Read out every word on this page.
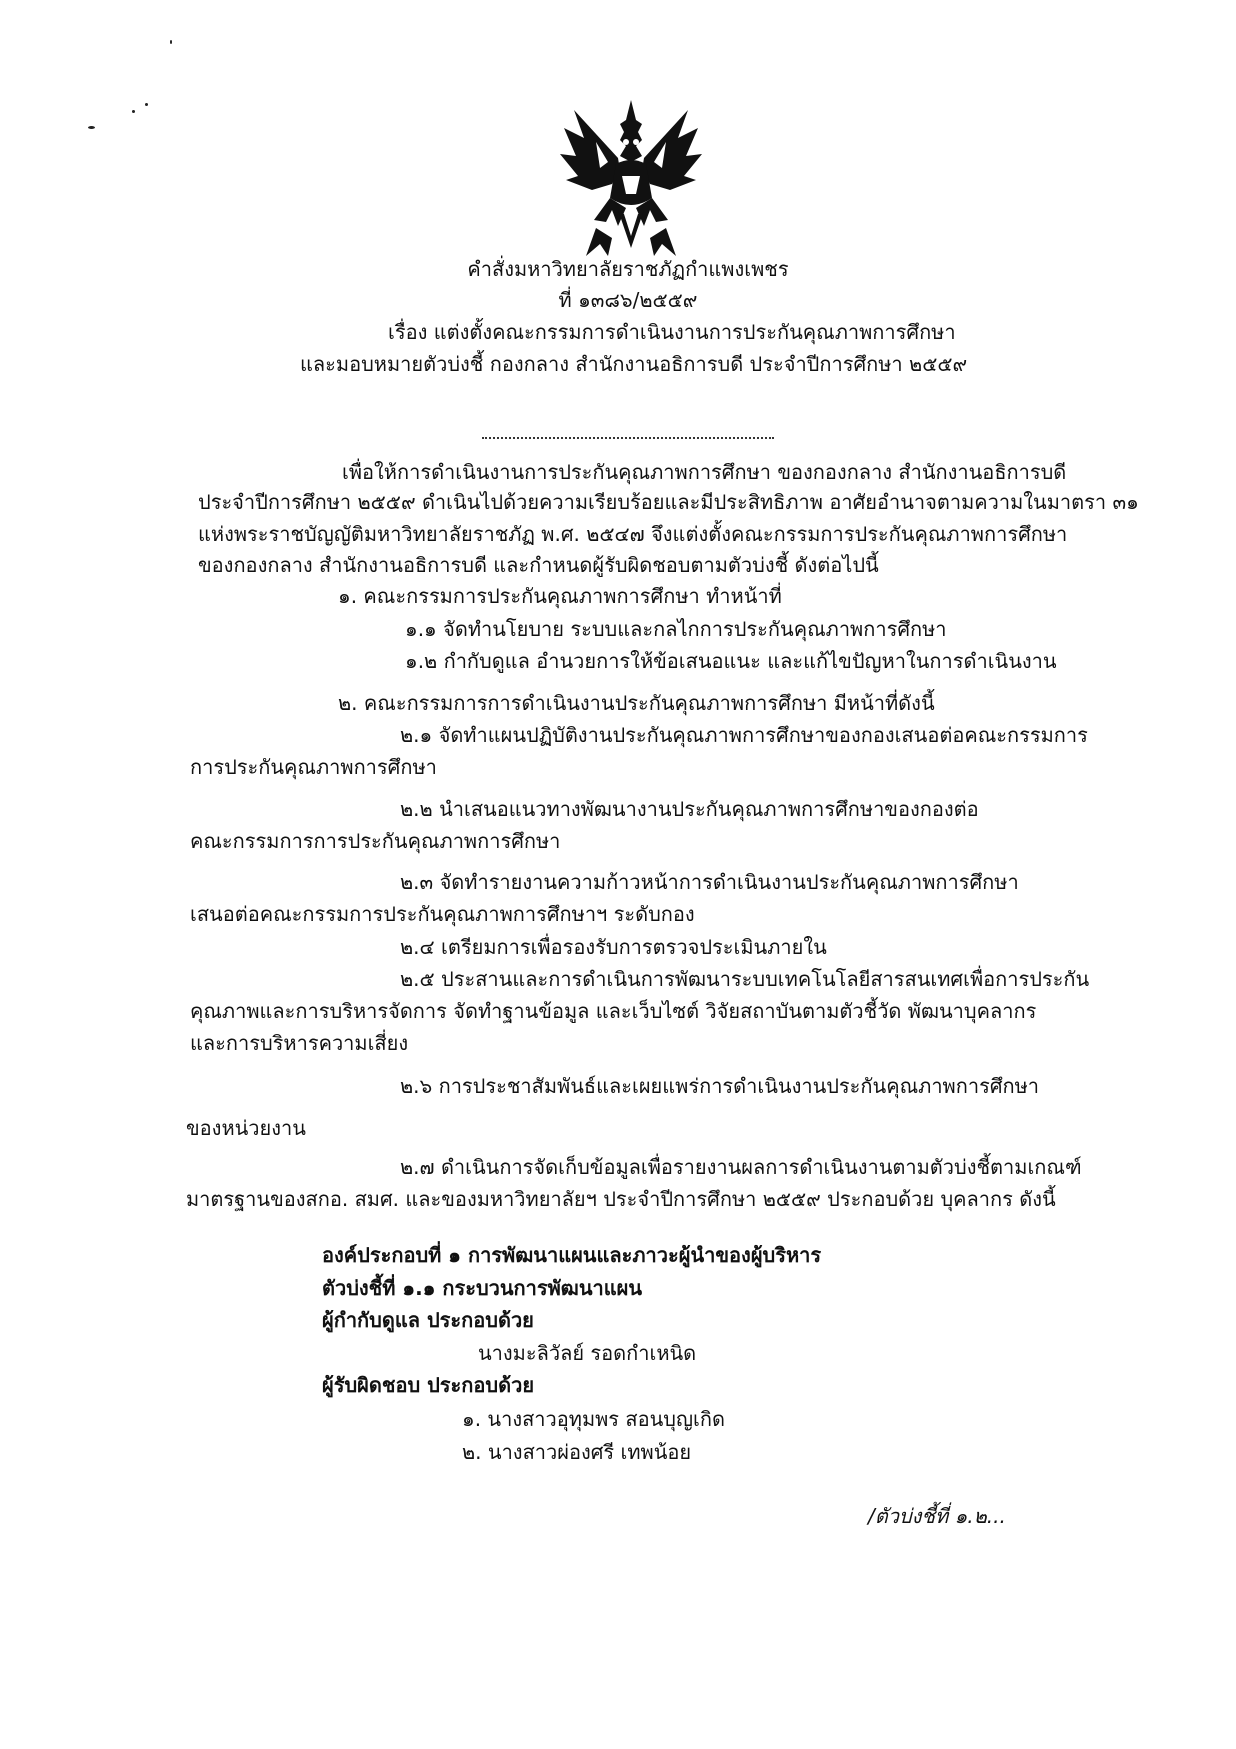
คำสั่งมหาวิทยาลัยราชภัฏกำแพงเพชร
ที่ ๑๓๘๖/๒๕๕๙
เรื่อง แต่งตั้งคณะกรรมการดำเนินงานการประกันคุณภาพการศึกษา
และมอบหมายตัวบ่งชี้ กองกลาง สำนักงานอธิการบดี ประจำปีการศึกษา ๒๕๕๙
เพื่อให้การดำเนินงานการประกันคุณภาพการศึกษา ของกองกลาง สำนักงานอธิการบดี
ประจำปีการศึกษา ๒๕๕๙ ดำเนินไปด้วยความเรียบร้อยและมีประสิทธิภาพ อาศัยอำนาจตามความในมาตรา ๓๑
แห่งพระราชบัญญัติมหาวิทยาลัยราชภัฏ พ.ศ. ๒๕๔๗ จึงแต่งตั้งคณะกรรมการประกันคุณภาพการศึกษา
ของกองกลาง สำนักงานอธิการบดี และกำหนดผู้รับผิดชอบตามตัวบ่งชี้ ดังต่อไปนี้
๑. คณะกรรมการประกันคุณภาพการศึกษา ทำหน้าที่
๑.๑ จัดทำนโยบาย ระบบและกลไกการประกันคุณภาพการศึกษา
๑.๒ กำกับดูแล อำนวยการให้ข้อเสนอแนะ และแก้ไขปัญหาในการดำเนินงาน
๒. คณะกรรมการการดำเนินงานประกันคุณภาพการศึกษา มีหน้าที่ดังนี้
๒.๑ จัดทำแผนปฏิบัติงานประกันคุณภาพการศึกษาของกองเสนอต่อคณะกรรมการ
การประกันคุณภาพการศึกษา
๒.๒ นำเสนอแนวทางพัฒนางานประกันคุณภาพการศึกษาของกองต่อ
คณะกรรมการการประกันคุณภาพการศึกษา
๒.๓ จัดทำรายงานความก้าวหน้าการดำเนินงานประกันคุณภาพการศึกษา
เสนอต่อคณะกรรมการประกันคุณภาพการศึกษาฯ ระดับกอง
๒.๔ เตรียมการเพื่อรองรับการตรวจประเมินภายใน
๒.๕ ประสานและการดำเนินการพัฒนาระบบเทคโนโลยีสารสนเทศเพื่อการประกัน
คุณภาพและการบริหารจัดการ จัดทำฐานข้อมูล และเว็บไซต์ วิจัยสถาบันตามตัวชี้วัด พัฒนาบุคลากร
และการบริหารความเสี่ยง
๒.๖ การประชาสัมพันธ์และเผยแพร่การดำเนินงานประกันคุณภาพการศึกษา
ของหน่วยงาน
๒.๗ ดำเนินการจัดเก็บข้อมูลเพื่อรายงานผลการดำเนินงานตามตัวบ่งชี้ตามเกณฑ์
มาตรฐานของสกอ. สมศ. และของมหาวิทยาลัยฯ ประจำปีการศึกษา ๒๕๕๙ ประกอบด้วย บุคลากร ดังนี้
องค์ประกอบที่ ๑ การพัฒนาแผนและภาวะผู้นำของผู้บริหาร
ตัวบ่งชี้ที่ ๑.๑ กระบวนการพัฒนาแผน
ผู้กำกับดูแล ประกอบด้วย
นางมะลิวัลย์ รอดกำเหนิด
ผู้รับผิดชอบ ประกอบด้วย
๑. นางสาวอุทุมพร สอนบุญเกิด
๒. นางสาวผ่องศรี เทพน้อย
/ตัวบ่งชี้ที่ ๑.๒...
